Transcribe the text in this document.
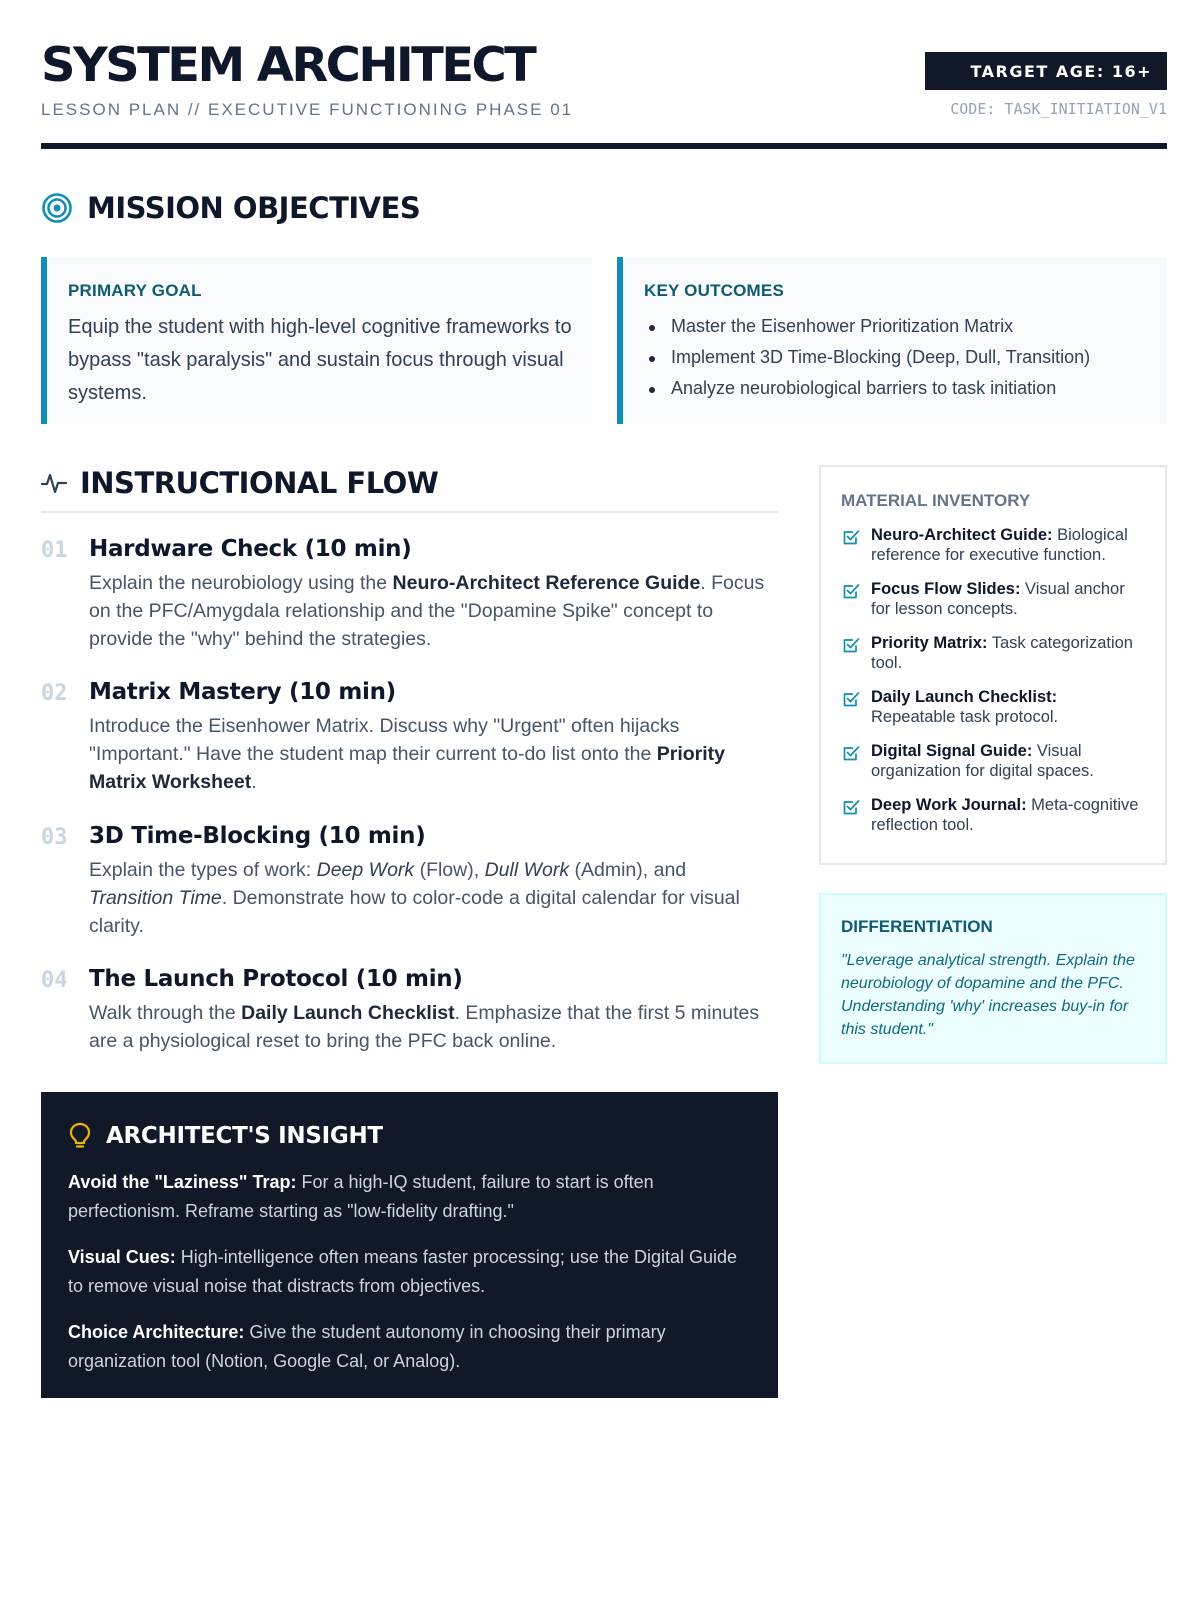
SYSTEM ARCHITECT
LESSON PLAN // EXECUTIVE FUNCTIONING PHASE 01
TARGET AGE: 16+
CODE: TASK_INITIATION_V1
MISSION OBJECTIVES
PRIMARY GOAL
Equip the student with high-level cognitive frameworks to bypass "task paralysis" and sustain focus through visual systems.
KEY OUTCOMES
Master the Eisenhower Prioritization Matrix
Implement 3D Time-Blocking (Deep, Dull, Transition)
Analyze neurobiological barriers to task initiation
INSTRUCTIONAL FLOW
01 Hardware Check (10 min)
Explain the neurobiology using the Neuro-Architect Reference Guide. Focus on the PFC/Amygdala relationship and the "Dopamine Spike" concept to provide the "why" behind the strategies.
02 Matrix Mastery (10 min)
Introduce the Eisenhower Matrix. Discuss why "Urgent" often hijacks "Important." Have the student map their current to-do list onto the Priority Matrix Worksheet.
03 3D Time-Blocking (10 min)
Explain the types of work: Deep Work (Flow), Dull Work (Admin), and Transition Time. Demonstrate how to color-code a digital calendar for visual clarity.
04 The Launch Protocol (10 min)
Walk through the Daily Launch Checklist. Emphasize that the first 5 minutes are a physiological reset to bring the PFC back online.
ARCHITECT'S INSIGHT

Avoid the "Laziness" Trap: For a high-IQ student, failure to start is often perfectionism. Reframe starting as "low-fidelity drafting."

Visual Cues: High-intelligence often means faster processing; use the Digital Guide to remove visual noise that distracts from objectives.

Choice Architecture: Give the student autonomy in choosing their primary organization tool (Notion, Google Cal, or Analog).

MATERIAL INVENTORY
Neuro-Architect Guide: Biological reference for executive function.
Focus Flow Slides: Visual anchor for lesson concepts.
Priority Matrix: Task categorization tool.
Daily Launch Checklist: Repeatable task protocol.
Digital Signal Guide: Visual organization for digital spaces.
Deep Work Journal: Meta-cognitive reflection tool.
DIFFERENTIATION
"Leverage analytical strength. Explain the neurobiology of dopamine and the PFC. Understanding 'why' increases buy-in for this student."
